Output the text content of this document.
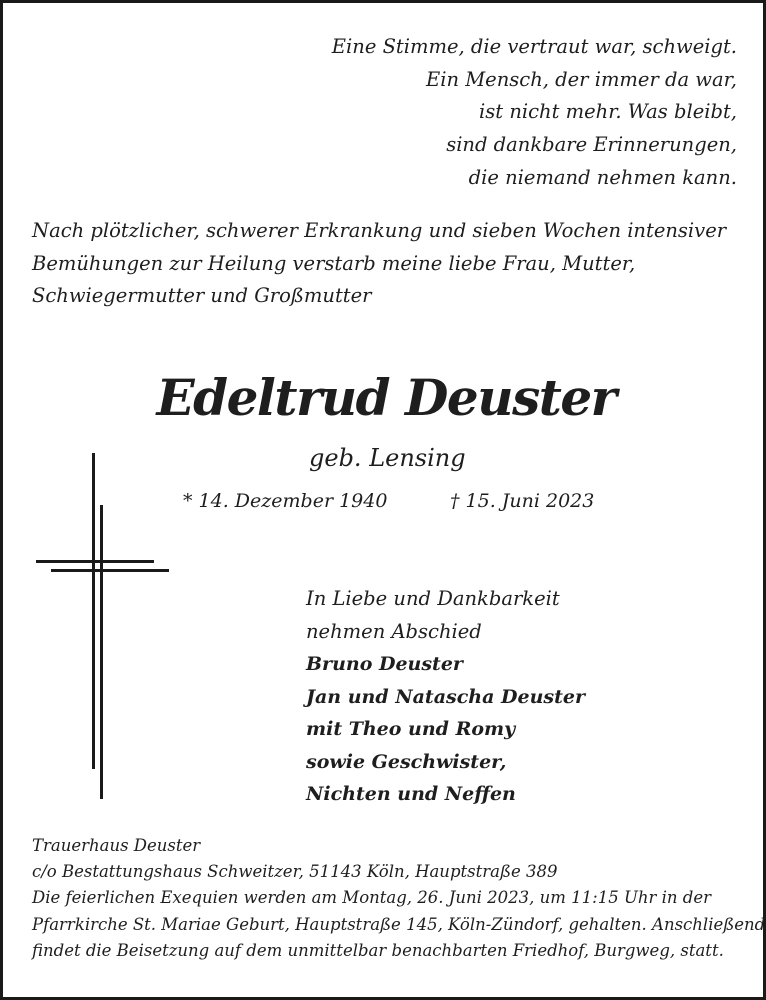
Eine Stimme, die vertraut war, schweigt.
Ein Mensch, der immer da war,
ist nicht mehr. Was bleibt,
sind dankbare Erinnerungen,
die niemand nehmen kann.
Nach plötzlicher, schwerer Erkrankung und sieben Wochen intensiver
Bemühungen zur Heilung verstarb meine liebe Frau, Mutter,
Schwiegermutter und Großmutter
Edeltrud Deuster
geb. Lensing
* 14. Dezember 1940	† 15. Juni 2023
In Liebe und Dankbarkeit
nehmen Abschied
Bruno Deuster
Jan und Natascha Deuster
mit Theo und Romy
sowie Geschwister,
Nichten und Neffen
Trauerhaus Deuster
c/o Bestattungshaus Schweitzer, 51143 Köln, Hauptstraße 389
Die feierlichen Exequien werden am Montag, 26. Juni 2023, um 11:15 Uhr in der
Pfarrkirche St. Mariae Geburt, Hauptstraße 145, Köln-Zündorf, gehalten. Anschließend
findet die Beisetzung auf dem unmittelbar benachbarten Friedhof, Burgweg, statt.
